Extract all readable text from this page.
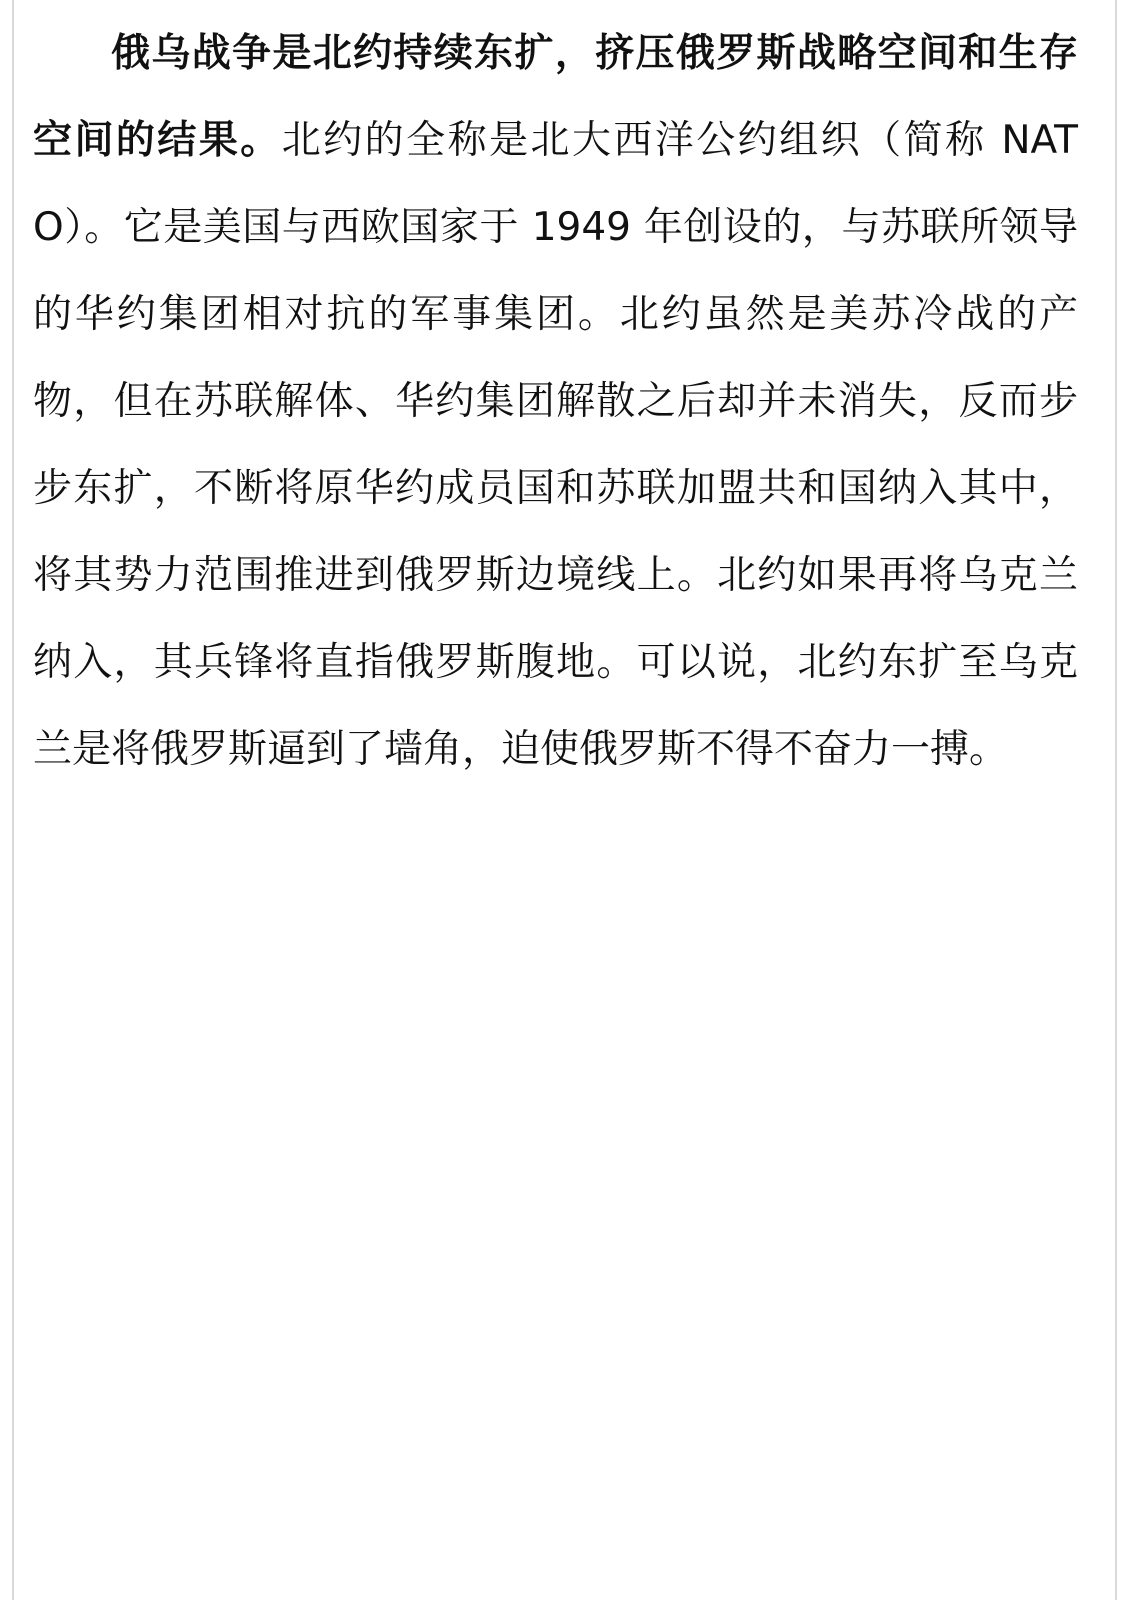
俄乌战争是北约持续东扩，挤压俄罗斯战略空间和生存空间的结果。北约的全称是北大西洋公约组织（简称 NATO）。它是美国与西欧国家于 1949 年创设的，与苏联所领导的华约集团相对抗的军事集团。北约虽然是美苏冷战的产物，但在苏联解体、华约集团解散之后却并未消失，反而步步东扩，不断将原华约成员国和苏联加盟共和国纳入其中，将其势力范围推进到俄罗斯边境线上。北约如果再将乌克兰纳入，其兵锋将直指俄罗斯腹地。可以说，北约东扩至乌克兰是将俄罗斯逼到了墙角，迫使俄罗斯不得不奋力一搏。
